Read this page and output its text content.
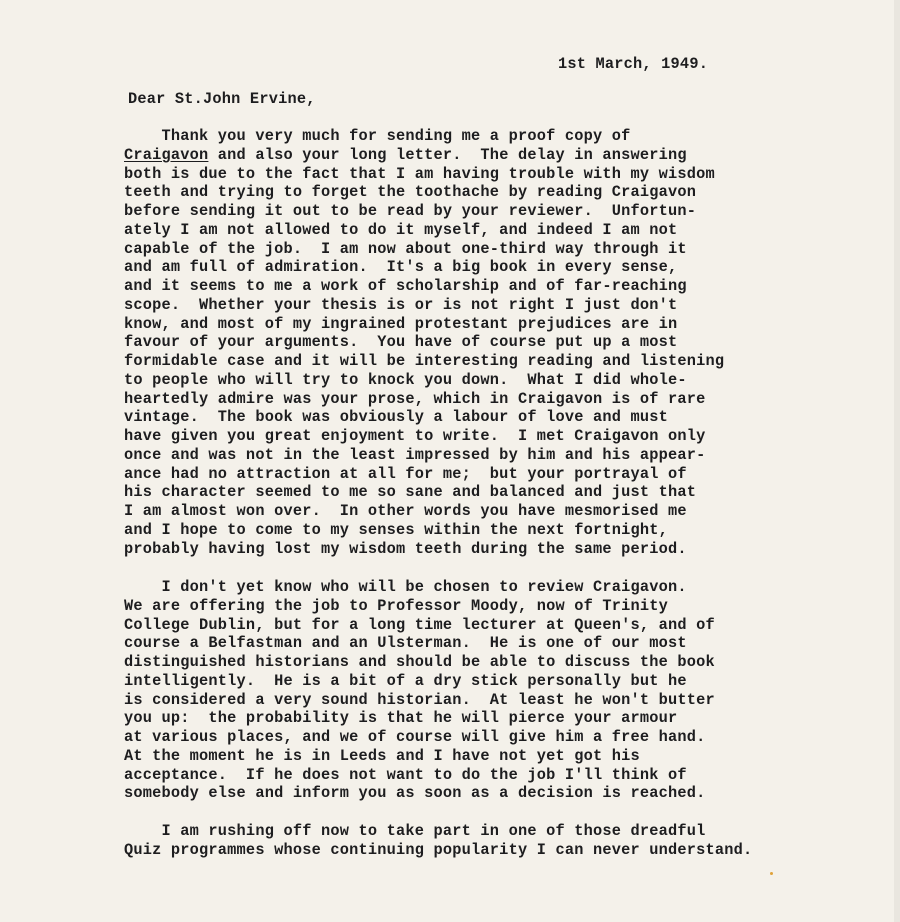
1st March, 1949.
Dear St.John Ervine,

Thank you very much for sending me a proof copy of
Craigavon and also your long letter.  The delay in answering
both is due to the fact that I am having trouble with my wisdom
teeth and trying to forget the toothache by reading Craigavon
before sending it out to be read by your reviewer.  Unfortun-
ately I am not allowed to do it myself, and indeed I am not
capable of the job.  I am now about one-third way through it
and am full of admiration.  It's a big book in every sense,
and it seems to me a work of scholarship and of far-reaching
scope.  Whether your thesis is or is not right I just don't
know, and most of my ingrained protestant prejudices are in
favour of your arguments.  You have of course put up a most
formidable case and it will be interesting reading and listening
to people who will try to knock you down.  What I did whole-
heartedly admire was your prose, which in Craigavon is of rare
vintage.  The book was obviously a labour of love and must
have given you great enjoyment to write.  I met Craigavon only
once and was not in the least impressed by him and his appear-
ance had no attraction at all for me;  but your portrayal of
his character seemed to me so sane and balanced and just that
I am almost won over.  In other words you have mesmorised me
and I hope to come to my senses within the next fortnight,
probably having lost my wisdom teeth during the same period.

I don't yet know who will be chosen to review Craigavon.
We are offering the job to Professor Moody, now of Trinity
College Dublin, but for a long time lecturer at Queen's, and of
course a Belfastman and an Ulsterman.  He is one of our most
distinguished historians and should be able to discuss the book
intelligently.  He is a bit of a dry stick personally but he
is considered a very sound historian.  At least he won't butter
you up:  the probability is that he will pierce your armour
at various places, and we of course will give him a free hand.
At the moment he is in Leeds and I have not yet got his
acceptance.  If he does not want to do the job I'll think of
somebody else and inform you as soon as a decision is reached.

I am rushing off now to take part in one of those dreadful
Quiz programmes whose continuing popularity I can never understand.
